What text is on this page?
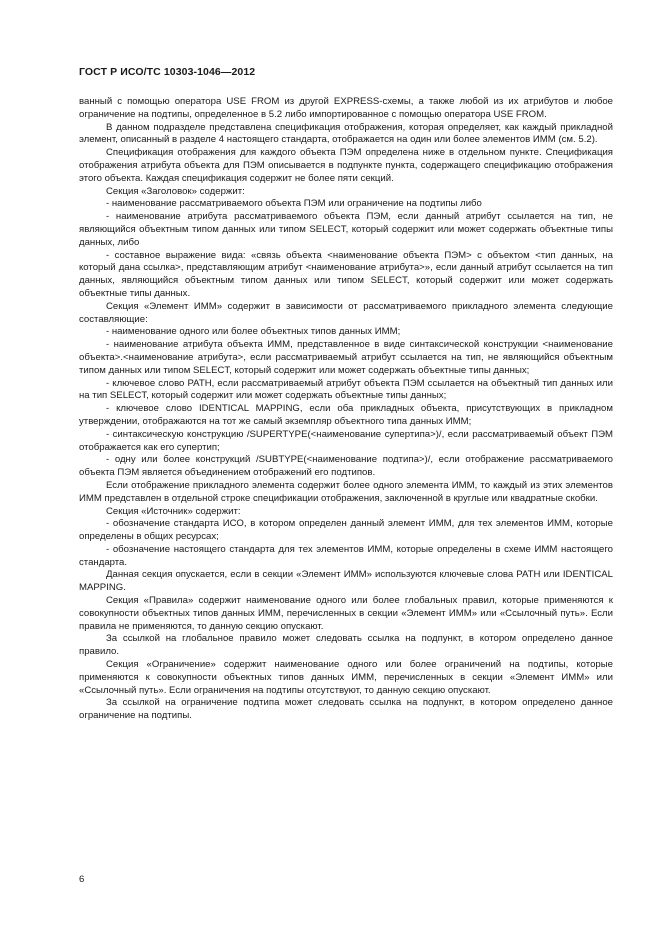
ГОСТ Р ИСО/ТС 10303-1046—2012

ванный с помощью оператора USE FROM из другой EXPRESS-схемы, а также любой из их атрибутов и любое ограничение на подтипы, определенное в 5.2 либо импортированное с помощью оператора USE FROM.

В данном подразделе представлена спецификация отображения, которая определяет, как каждый прикладной элемент, описанный в разделе 4 настоящего стандарта, отображается на один или более элементов ИММ (см. 5.2).

Спецификация отображения для каждого объекта ПЭМ определена ниже в отдельном пункте. Спецификация отображения атрибута объекта для ПЭМ описывается в подпункте пункта, содержащего спецификацию отображения этого объекта. Каждая спецификация содержит не более пяти секций.

Секция «Заголовок» содержит:

- наименование рассматриваемого объекта ПЭМ или ограничение на подтипы либо

- наименование атрибута рассматриваемого объекта ПЭМ, если данный атрибут ссылается на тип, не являющийся объектным типом данных или типом SELECT, который содержит или может содержать объектные типы данных, либо

- составное выражение вида: «связь объекта <наименование объекта ПЭМ> с объектом <тип данных, на который дана ссылка>, представляющим атрибут <наименование атрибута>», если данный атрибут ссылается на тип данных, являющийся объектным типом данных или типом SELECT, который содержит или может содержать объектные типы данных.

Секция «Элемент ИММ» содержит в зависимости от рассматриваемого прикладного элемента следующие составляющие:

- наименование одного или более объектных типов данных ИММ;

- наименование атрибута объекта ИММ, представленное в виде синтаксической конструкции <наименование объекта>.<наименование атрибута>, если рассматриваемый атрибут ссылается на тип, не являющийся объектным типом данных или типом SELECT, который содержит или может содержать объектные типы данных;

- ключевое слово PATH, если рассматриваемый атрибут объекта ПЭМ ссылается на объектный тип данных или на тип SELECT, который содержит или может содержать объектные типы данных;

- ключевое слово IDENTICAL MAPPING, если оба прикладных объекта, присутствующих в прикладном утверждении, отображаются на тот же самый экземпляр объектного типа данных ИММ;

- синтаксическую конструкцию /SUPERTYPE(<наименование супертипа>)/, если рассматриваемый объект ПЭМ отображается как его супертип;

- одну или более конструкций /SUBTYPE(<наименование подтипа>)/, если отображение рассматриваемого объекта ПЭМ является объединением отображений его подтипов.

Если отображение прикладного элемента содержит более одного элемента ИММ, то каждый из этих элементов ИММ представлен в отдельной строке спецификации отображения, заключенной в круглые или квадратные скобки.

Секция «Источник» содержит:

- обозначение стандарта ИСО, в котором определен данный элемент ИММ, для тех элементов ИММ, которые определены в общих ресурсах;

- обозначение настоящего стандарта для тех элементов ИММ, которые определены в схеме ИММ настоящего стандарта.

Данная секция опускается, если в секции «Элемент ИММ» используются ключевые слова PATH или IDENTICAL MAPPING.

Секция «Правила» содержит наименование одного или более глобальных правил, которые применяются к совокупности объектных типов данных ИММ, перечисленных в секции «Элемент ИММ» или «Ссылочный путь». Если правила не применяются, то данную секцию опускают.

За ссылкой на глобальное правило может следовать ссылка на подпункт, в котором определено данное правило.

Секция «Ограничение» содержит наименование одного или более ограничений на подтипы, которые применяются к совокупности объектных типов данных ИММ, перечисленных в секции «Элемент ИММ» или «Ссылочный путь». Если ограничения на подтипы отсутствуют, то данную секцию опускают.

За ссылкой на ограничение подтипа может следовать ссылка на подпункт, в котором определено данное ограничение на подтипы.

6
